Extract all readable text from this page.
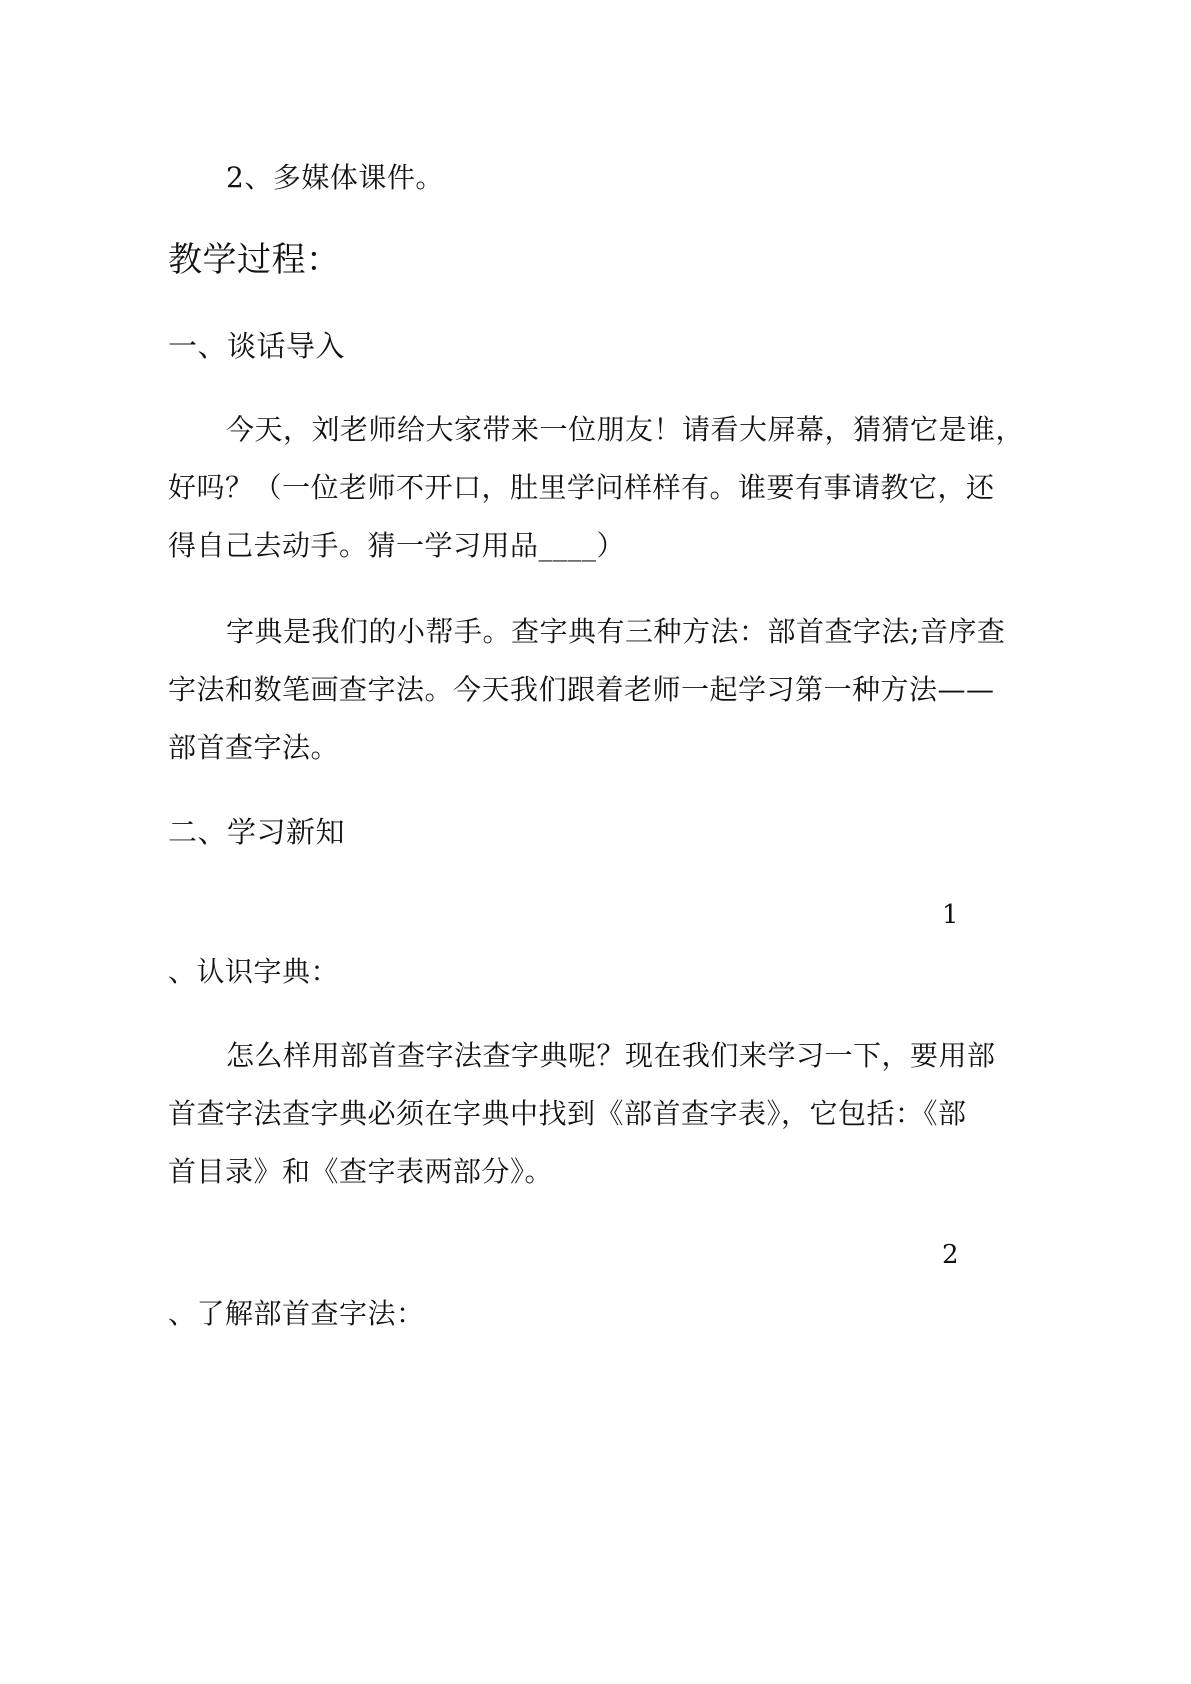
2、多媒体课件。
教学过程：
一、谈话导入
今天，刘老师给大家带来一位朋友！请看大屏幕，猜猜它是谁，
好吗？（一位老师不开口，肚里学问样样有。谁要有事请教它，还
得自己去动手。猜一学习用品____）
字典是我们的小帮手。查字典有三种方法：部首查字法;音序查
字法和数笔画查字法。今天我们跟着老师一起学习第一种方法——
部首查字法。
二、学习新知
1
、认识字典：
怎么样用部首查字法查字典呢？现在我们来学习一下，要用部
首查字法查字典必须在字典中找到《部首查字表》，它包括：《部
首目录》和《查字表两部分》。
2
、了解部首查字法：
